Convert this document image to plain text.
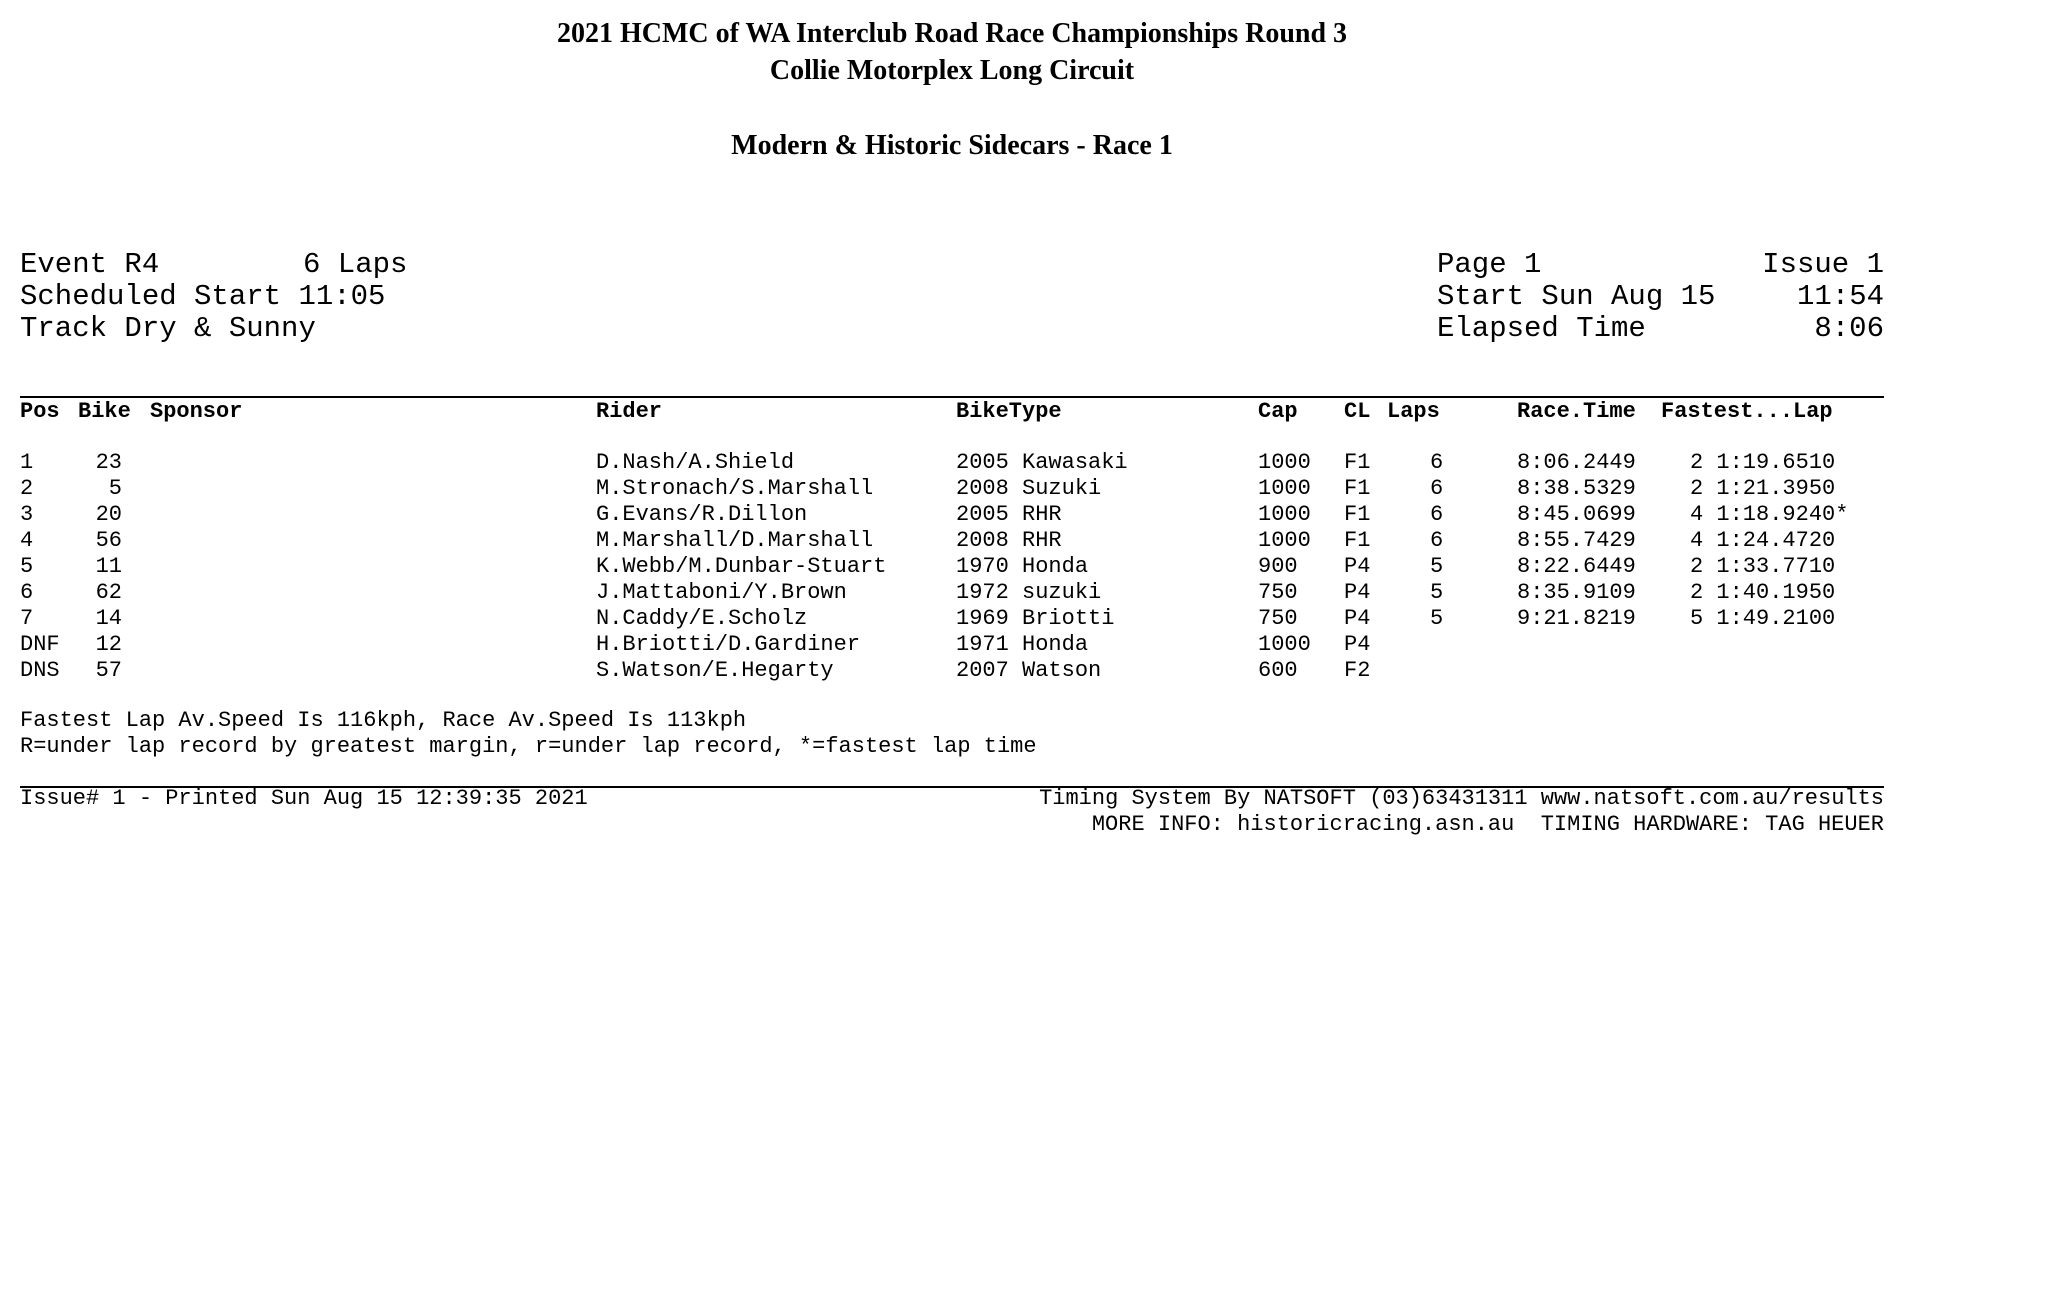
2021 HCMC of WA Interclub Road Race Championships Round 3
Collie Motorplex Long Circuit
Modern & Historic Sidecars - Race 1
Event R4	6 Laps
Scheduled Start 11:05
Track Dry & Sunny
Page 1	Issue 1
Start Sun Aug 15	11:54
Elapsed Time	8:06
Pos Bike Sponsor	Rider	BikeType	Cap CL Laps	Race.Time Fastest...Lap
1	23	D.Nash/A.Shield	2005 Kawasaki	1000 F1	6	8:06.2449 2 1:19.6510
2	5	M.Stronach/S.Marshall	2008 Suzuki	1000 F1	6	8:38.5329 2 1:21.3950
3	20	G.Evans/R.Dillon	2005 RHR	1000 F1	6	8:45.0699 4 1:18.9240*
4	56	M.Marshall/D.Marshall	2008 RHR	1000 F1	6	8:55.7429 4 1:24.4720
5	11	K.Webb/M.Dunbar-Stuart	1970 Honda	900 P4	5	8:22.6449 2 1:33.7710
6	62	J.Mattaboni/Y.Brown	1972 suzuki	750 P4	5	8:35.9109 2 1:40.1950
7	14	N.Caddy/E.Scholz	1969 Briotti	750 P4	5	9:21.8219 5 1:49.2100
DNF	12	H.Briotti/D.Gardiner	1971 Honda	1000 P4
DNS	57	S.Watson/E.Hegarty	2007 Watson	600 F2
Fastest Lap Av.Speed Is 116kph, Race Av.Speed Is 113kph
R=under lap record by greatest margin, r=under lap record, *=fastest lap time
Issue# 1 - Printed Sun Aug 15 12:39:35 2021	Timing System By NATSOFT (03)63431311 www.natsoft.com.au/results
MORE INFO: historicracing.asn.au  TIMING HARDWARE: TAG HEUER
